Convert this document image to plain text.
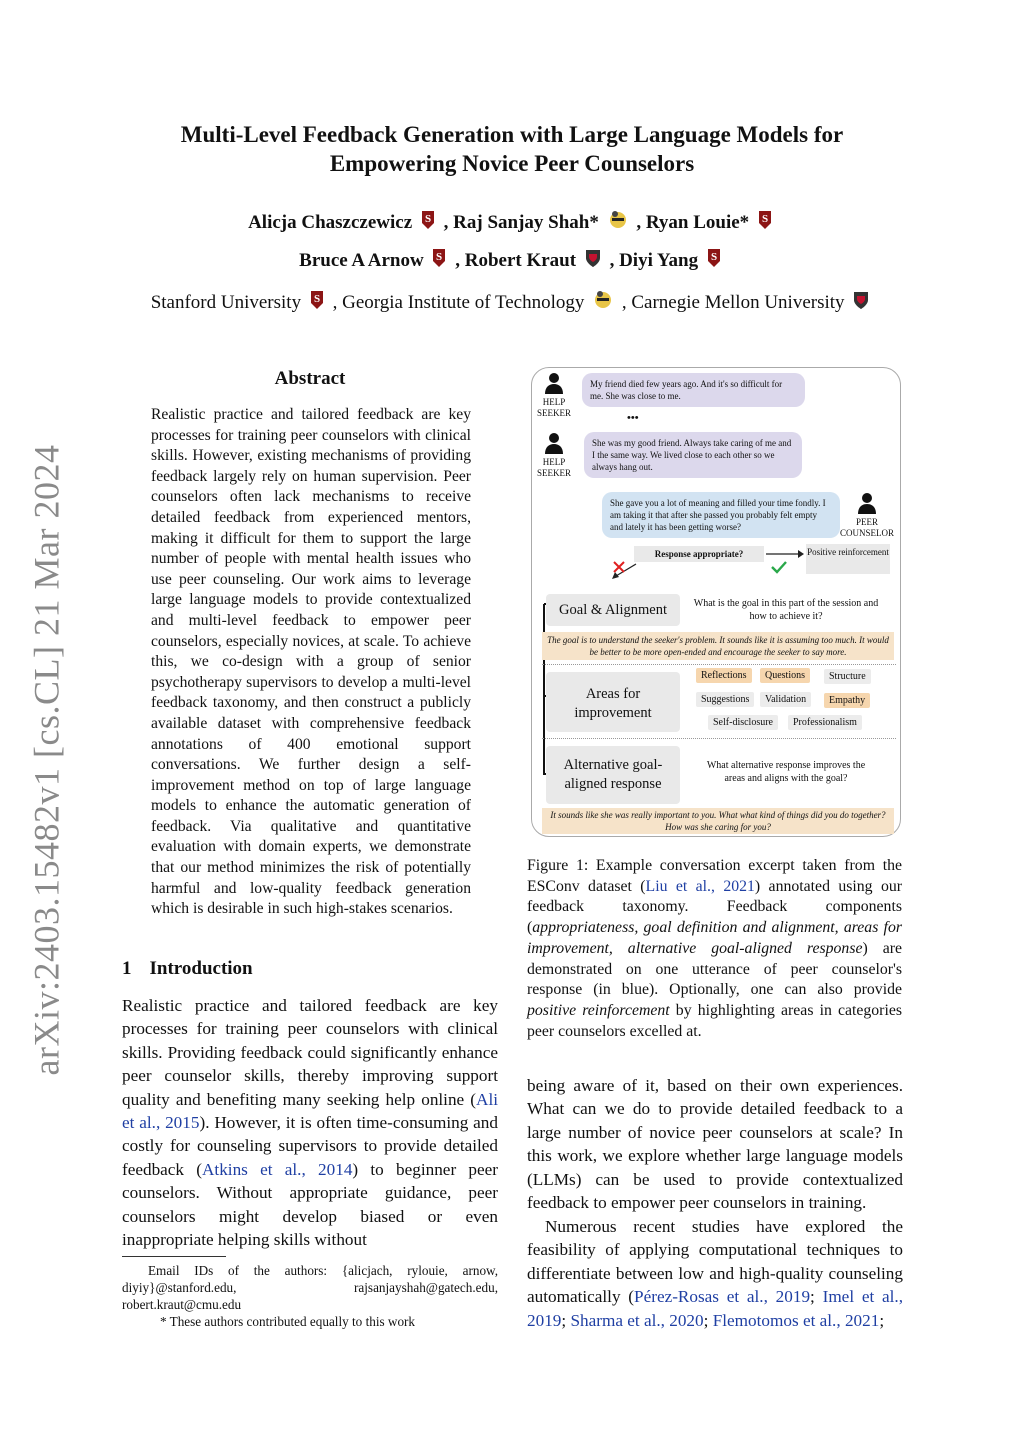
arXiv:2403.15482v1 [cs.CL] 21 Mar 2024
Multi-Level Feedback Generation with Large Language Models for
Empowering Novice Peer Counselors
Alicja Chaszczewicz S , Raj Sanjay Shah* , Ryan Louie* S
Bruce A Arnow S , Robert Kraut , Diyi Yang S
Stanford University S , Georgia Institute of Technology , Carnegie Mellon University
Abstract
Realistic practice and tailored feedback are key processes for training peer counselors with clinical skills. However, existing mechanisms of providing feedback largely rely on human supervision. Peer counselors often lack mechanisms to receive detailed feedback from experienced mentors, making it difficult for them to support the large number of people with mental health issues who use peer counseling. Our work aims to leverage large language models to provide contextualized and multi-level feedback to empower peer counselors, especially novices, at scale. To achieve this, we co-design with a group of senior psychotherapy supervisors to develop a multi-level feedback taxonomy, and then construct a publicly available dataset with comprehensive feedback annotations of 400 emotional support conversations. We further design a self-improvement method on top of large language models to enhance the automatic generation of feedback. Via qualitative and quantitative evaluation with domain experts, we demonstrate that our method minimizes the risk of potentially harmful and low-quality feedback generation which is desirable in such high-stakes scenarios.
1 Introduction
Realistic practice and tailored feedback are key processes for training peer counselors with clinical skills. Providing feedback could significantly enhance peer counselor skills, thereby improving support quality and benefiting many seeking help online (Ali et al., 2015). However, it is often time-consuming and costly for counseling supervisors to provide detailed feedback (Atkins et al., 2014) to beginner peer counselors. Without appropriate guidance, peer counselors might develop biased or even inappropriate helping skills without
Email IDs of the authors: {alicjach, rylouie, arnow, diyiy}@stanford.edu, rajsanjayshah@gatech.edu, robert.kraut@cmu.edu
* These authors contributed equally to this work
HELP
SEEKER
My friend died few years ago. And it's so difficult for me. She was close to me.
•••
HELP
SEEKER
She was my good friend. Always take caring of me and I the same way. We lived close to each other so we always hang out.
She gave you a lot of meaning and filled your time fondly. I am taking it that after she passed you probably felt empty and lately it has been getting worse?	PEER
COUNSELOR
Response appropriate?	Positive reinforcement
Goal & Alignment	What is the goal in this part of the session and how to achieve it?
The goal is to understand the seeker's problem. It sounds like it is assuming too much. It would be better to be more open-ended and encourage the seeker to say more.
Areas for improvement
Reflections	Questions	Structure
Suggestions	Validation	Empathy
Self-disclosure	Professionalism
Alternative goal-aligned response
What alternative response improves the areas and aligns with the goal?
It sounds like she was really important to you. What what kind of things did you do together? How was she caring for you?
Figure 1: Example conversation excerpt taken from the ESConv dataset (Liu et al., 2021) annotated using our feedback taxonomy. Feedback components (appropriateness, goal definition and alignment, areas for improvement, alternative goal-aligned response) are demonstrated on one utterance of peer counselor's response (in blue). Optionally, one can also provide positive reinforcement by highlighting areas in categories peer counselors excelled at.
being aware of it, based on their own experiences. What can we do to provide detailed feedback to a large number of novice peer counselors at scale? In this work, we explore whether large language models (LLMs) can be used to provide contextualized feedback to empower peer counselors in training.
Numerous recent studies have explored the feasibility of applying computational techniques to differentiate between low and high-quality counseling automatically (Pérez-Rosas et al., 2019; Imel et al., 2019; Sharma et al., 2020; Flemotomos et al., 2021;
